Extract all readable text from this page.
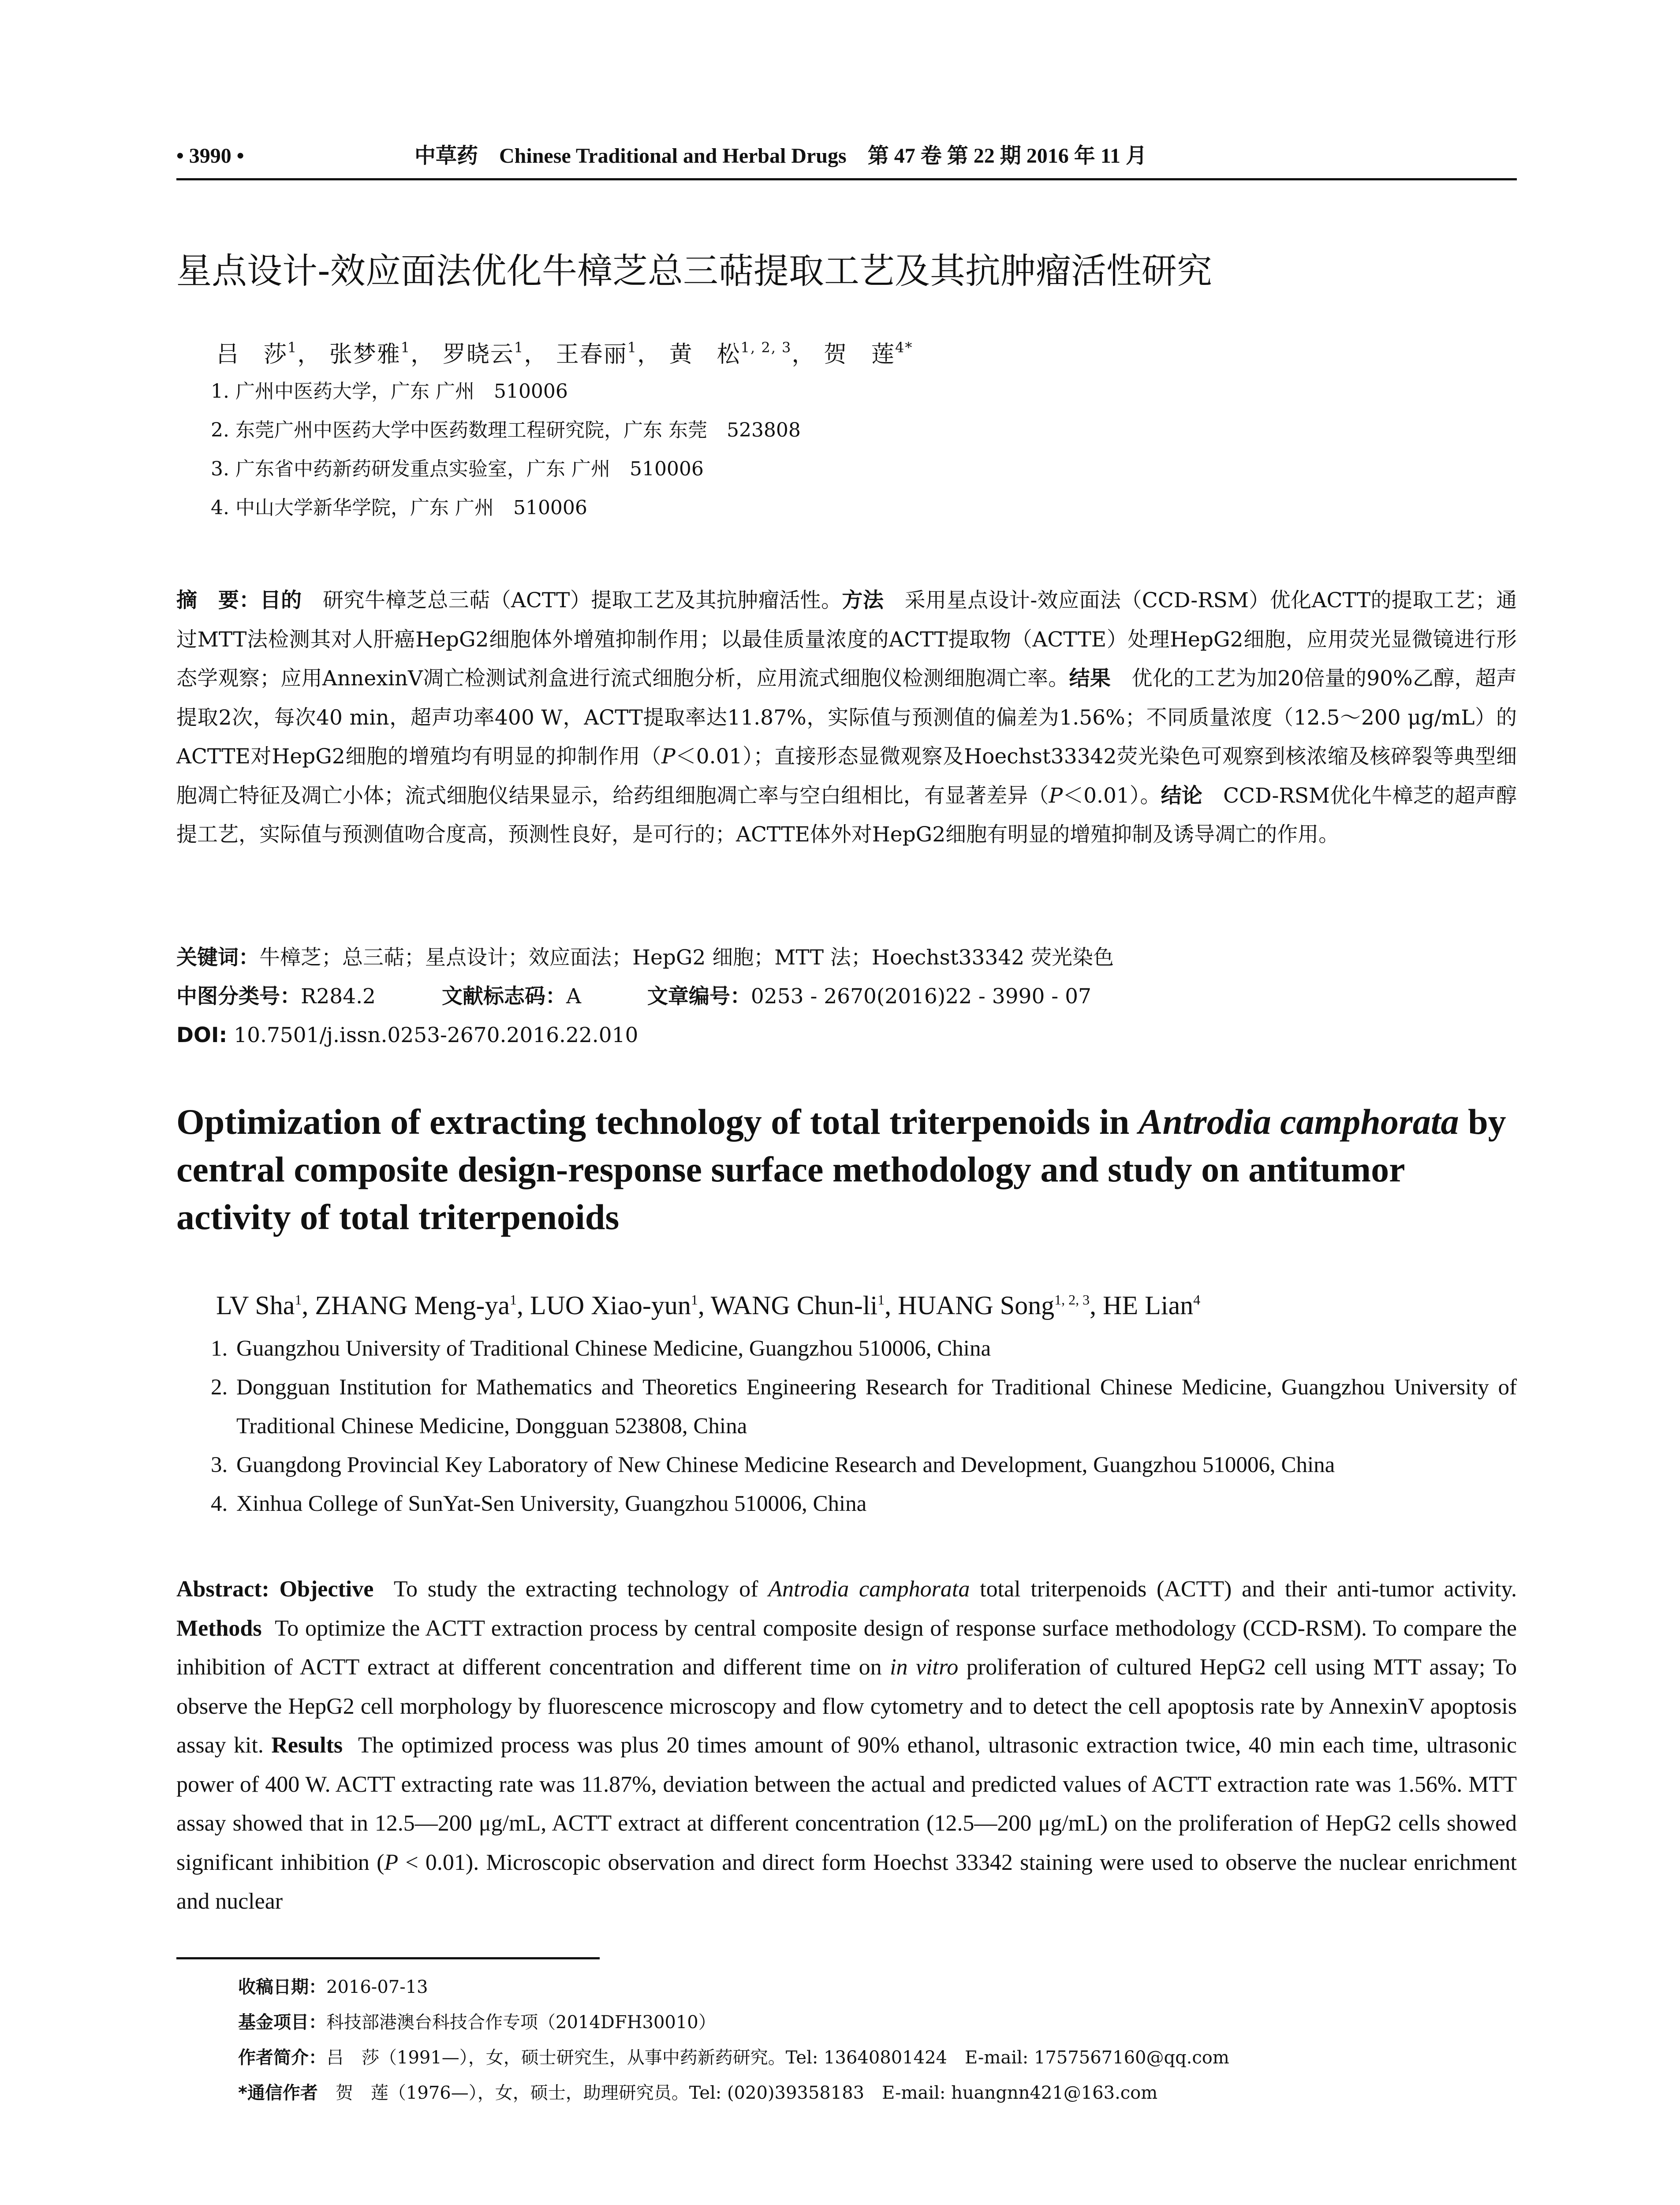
• 3990 •	中草药 Chinese Traditional and Herbal Drugs 第 47 卷 第 22 期 2016 年 11 月
星点设计-效应面法优化牛樟芝总三萜提取工艺及其抗肿瘤活性研究
吕　莎$^1$， 张梦雅$^1$， 罗晓云$^1$， 王春丽$^1$， 黄　松$^{1, 2, 3}$， 贺　莲$^{4*}$
1. 广州中医药大学，广东 广州　510006
2. 东莞广州中医药大学中医药数理工程研究院，广东 东莞　523808
3. 广东省中药新药研发重点实验室，广东 广州　510006
4. 中山大学新华学院，广东 广州　510006
摘　要：目的　 研究牛樟芝总三萜（ACTT）提取工艺及其抗肿瘤活性。方法　 采用星点设计-效应面法（CCD-RSM）优化ACTT的提取工艺；通过MTT法检测其对人肝癌HepG2细胞体外增殖抑制作用；以最佳质量浓度的ACTT提取物（ACTTE）处理HepG2细胞，应用荧光显微镜进行形态学观察；应用AnnexinV凋亡检测试剂盒进行流式细胞分析，应用流式细胞仪检测细胞凋亡率。结果　 优化的工艺为加20倍量的90%乙醇，超声提取2次，每次40 min，超声功率400 W，ACTT提取率达11.87%，实际值与预测值的偏差为1.56%；不同质量浓度（12.5～200 μg/mL）的ACTTE对HepG2细胞的增殖均有明显的抑制作用（P＜0.01）；直接形态显微观察及Hoechst33342荧光染色可观察到核浓缩及核碎裂等典型细胞凋亡特征及凋亡小体；流式细胞仪结果显示，给药组细胞凋亡率与空白组相比，有显著差异（P＜0.01）。结论　 CCD-RSM优化牛樟芝的超声醇提工艺，实际值与预测值吻合度高，预测性良好，是可行的；ACTTE体外对HepG2细胞有明显的增殖抑制及诱导凋亡的作用。
关键词：牛樟芝；总三萜；星点设计；效应面法；HepG2 细胞；MTT 法；Hoechst33342 荧光染色
中图分类号：R284.2	文献标志码：A	文章编号：0253 - 2670(2016)22 - 3990 - 07
DOI: 10.7501/j.issn.0253-2670.2016.22.010
Optimization of extracting technology of total triterpenoids in Antrodia camphorata by central composite design-response surface methodology and study on antitumor activity of total triterpenoids
LV Sha$^1$, ZHANG Meng-$ya^1$, LUO Xiao-yun$^1$, WANG Chun-$li^1$, HUANG Song$^{1, 2, 3}$, HE Lian$^4$
1. Guangzhou University of Traditional Chinese Medicine, Guangzhou 510006, China
2. Dongguan Institution for Mathematics and Theoretics Engineering Research for Traditional Chinese Medicine, Guangzhou University of Traditional Chinese Medicine, Dongguan 523808, China
3. Guangdong Provincial Key Laboratory of New Chinese Medicine Research and Development, Guangzhou 510006, China
4. Xinhua College of SunYat-Sen University, Guangzhou 510006, China
Abstract: Objective To study the extracting technology of Antrodia camphorata total triterpenoids (ACTT) and their anti-tumor activity. Methods To optimize the ACTT extraction process by central composite design of response surface methodology (CCD-RSM). To compare the inhibition of ACTT extract at different concentration and different time on in vitro proliferation of cultured HepG2 cell using MTT assay; To observe the HepG2 cell morphology by fluorescence microscopy and flow cytometry and to detect the cell apoptosis rate by AnnexinV apoptosis assay kit. Results The optimized process was plus 20 times amount of 90% ethanol, ultrasonic extraction twice, 40 min each time, ultrasonic power of 400 W. ACTT extracting rate was 11.87%, deviation between the actual and predicted values of ACTT extraction rate was 1.56%. MTT assay showed that in 12.5—200 μg/mL, ACTT extract at different concentration (12.5—200 μg/mL) on the proliferation of HepG2 cells showed significant inhibition (P < 0.01). Microscopic observation and direct form Hoechst 33342 staining were used to observe the nuclear enrichment and nuclear
收稿日期：2016-07-13
基金项目：科技部港澳台科技合作专项（2014DFH30010）
作者简介：吕　莎（1991—），女，硕士研究生，从事中药新药研究。Tel: 13640801424　E-mail: 1757567160@qq.com
*通信作者　贺　莲（1976—），女，硕士，助理研究员。Tel: (020)39358183　E-mail: huangnn421@163.com
